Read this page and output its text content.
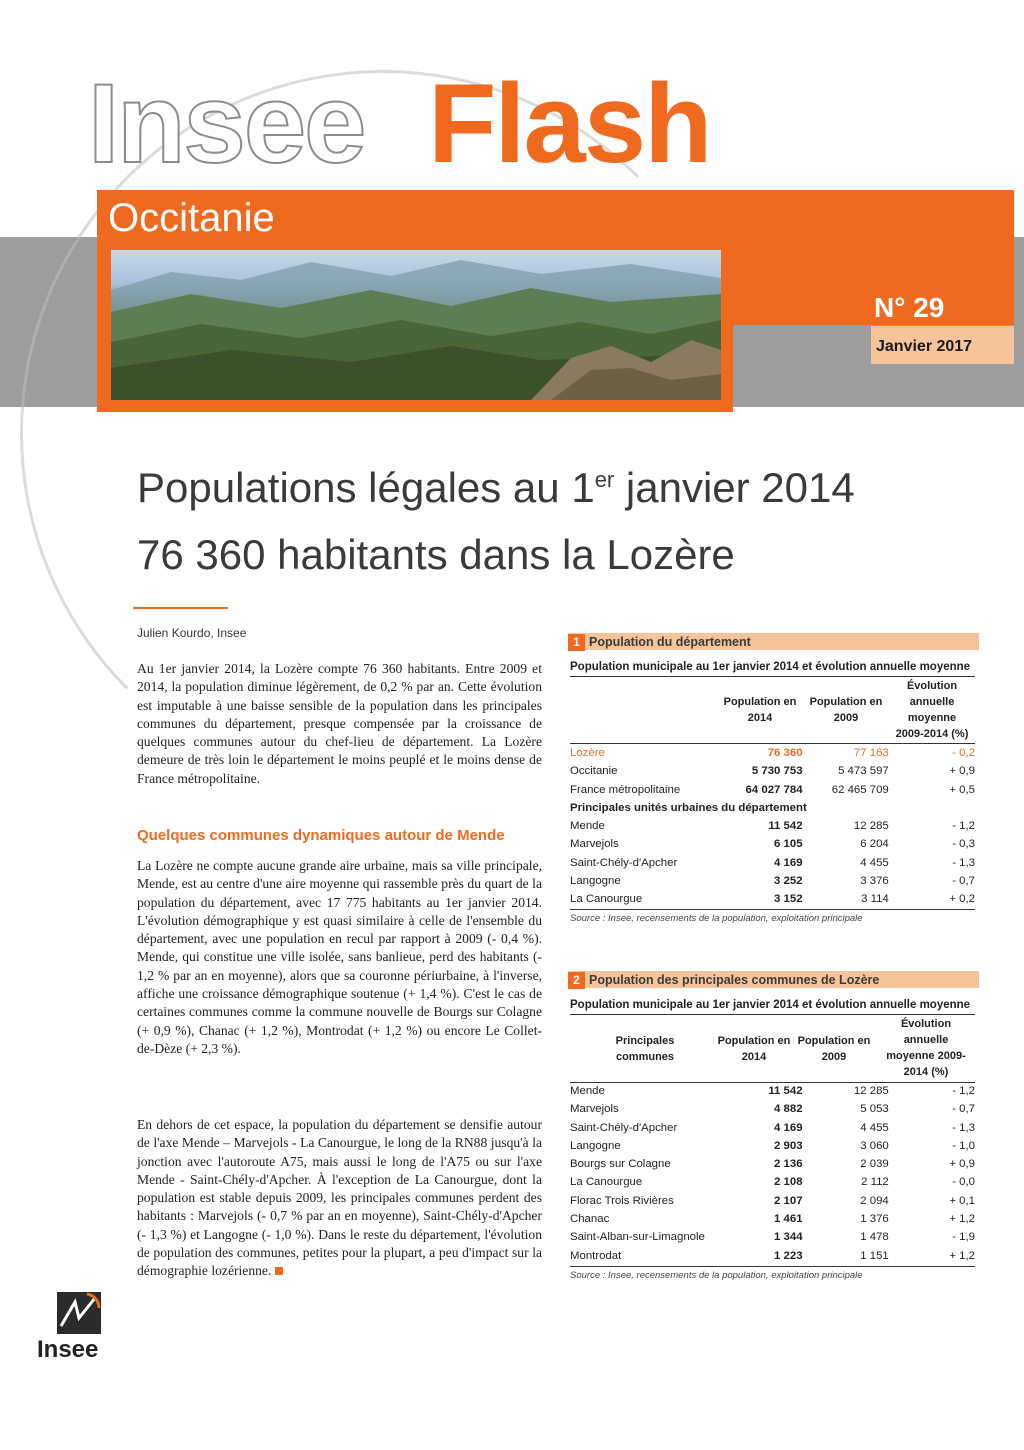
Insee Flash
Occitanie
N° 29
Janvier 2017
Populations légales au 1er janvier 2014
76 360 habitants dans la Lozère
Julien Kourdo, Insee

Au 1er janvier 2014, la Lozère compte 76 360 habitants. Entre 2009 et 2014, la population diminue légèrement, de 0,2 % par an. Cette évolution est imputable à une baisse sensible de la population dans les principales communes du département, presque compensée par la croissance de quelques communes autour du chef-lieu de département. La Lozère demeure de très loin le département le moins peuplé et le moins dense de France métropolitaine.

Quelques communes dynamiques autour de Mende

La Lozère ne compte aucune grande aire urbaine, mais sa ville principale, Mende, est au centre d'une aire moyenne qui rassemble près du quart de la population du département, avec 17 775 habitants au 1er janvier 2014. L'évolution démographique y est quasi similaire à celle de l'ensemble du département, avec une population en recul par rapport à 2009 (- 0,4 %). Mende, qui constitue une ville isolée, sans banlieue, perd des habitants (- 1,2 % par an en moyenne), alors que sa couronne périurbaine, à l'inverse, affiche une croissance démographique soutenue (+ 1,4 %). C'est le cas de certaines communes comme la commune nouvelle de Bourgs sur Colagne (+ 0,9 %), Chanac (+ 1,2 %), Montrodat (+ 1,2 %) ou encore Le Collet-de-Dèze (+ 2,3 %).

En dehors de cet espace, la population du département se densifie autour de l'axe Mende – Marvejols - La Canourgue, le long de la RN88 jusqu'à la jonction avec l'autoroute A75, mais aussi le long de l'A75 ou sur l'axe Mende - Saint-Chély-d'Apcher. À l'exception de La Canourgue, dont la population est stable depuis 2009, les principales communes perdent des habitants : Marvejols (- 0,7 % par an en moyenne), Saint-Chély-d'Apcher (- 1,3 %) et Langogne (- 1,0 %). Dans le reste du département, l'évolution de population des communes, petites pour la plupart, a peu d'impact sur la démographie lozérienne.

1 Population du département
Population municipale au 1er janvier 2014 et évolution annuelle moyenne
Population en 2014
Population en 2009
Évolution annuelle moyenne 2009-2014 (%)
Lozère	76 360	77 163	- 0,2
Occitanie	5 730 753	5 473 597	+ 0,9
France métropolitaine	64 027 784	62 465 709	+ 0,5
Principales unités urbaines du département			
Mende	11 542	12 285	- 1,2
Marvejols	6 105	6 204	- 0,3
Saint-Chély-d'Apcher	4 169	4 455	- 1,3
Langogne	3 252	3 376	- 0,7
La Canourgue	3 152	3 114	+ 0,2
Source : Insee, recensements de la population, exploitation principale
2 Population des principales communes de Lozère
Population municipale au 1er janvier 2014 et évolution annuelle moyenne
Principales communes
Population en 2014
Population en 2009
Évolution annuelle moyenne 2009-2014 (%)
Mende	11 542	12 285	- 1,2
Marvejols	4 882	5 053	- 0,7
Saint-Chély-d'Apcher	4 169	4 455	- 1,3
Langogne	2 903	3 060	- 1,0
Bourgs sur Colagne	2 136	2 039	+ 0,9
La Canourgue	2 108	2 112	- 0,0
Florac Trois Rivières	2 107	2 094	+ 0,1
Chanac	1 461	1 376	+ 1,2
Saint-Alban-sur-Limagnole	1 344	1 478	- 1,9
Montrodat	1 223	1 151	+ 1,2
Source : Insee, recensements de la population, exploitation principale
Insee
